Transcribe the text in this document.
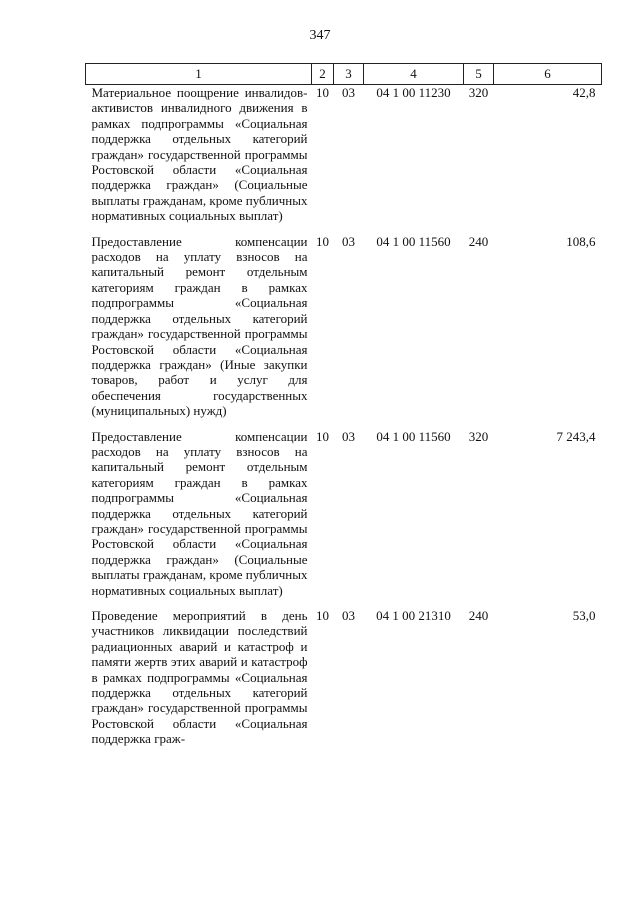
347
1	2	3	4	5	6
Материальное поощрение инвалидов-активистов инвалидного движения в рамках подпрограммы «Социальная поддержка отдельных категорий граждан» государственной программы Ростовской области «Социальная поддержка граждан» (Социальные выплаты гражданам, кроме публичных нормативных социальных выплат)	10	03	04 1 00 11230	320	42,8
Предоставление компенсации расходов на уплату взносов на капитальный ремонт отдельным категориям граждан в рамках подпрограммы «Социальная поддержка отдельных категорий граждан» государственной программы Ростовской области «Социальная поддержка граждан» (Иные закупки товаров, работ и услуг для обеспечения государственных (муниципальных) нужд)	10	03	04 1 00 11560	240	108,6
Предоставление компенсации расходов на уплату взносов на капитальный ремонт отдельным категориям граждан в рамках подпрограммы «Социальная поддержка отдельных категорий граждан» государственной программы Ростовской области «Социальная поддержка граждан» (Социальные выплаты гражданам, кроме публичных нормативных социальных выплат)	10	03	04 1 00 11560	320	7 243,4
Проведение мероприятий в день участников ликвидации последствий радиационных аварий и катастроф и памяти жертв этих аварий и катастроф в рамках подпрограммы «Социальная поддержка отдельных категорий граждан» государственной программы Ростовской области «Социальная поддержка граж-	10	03	04 1 00 21310	240	53,0
